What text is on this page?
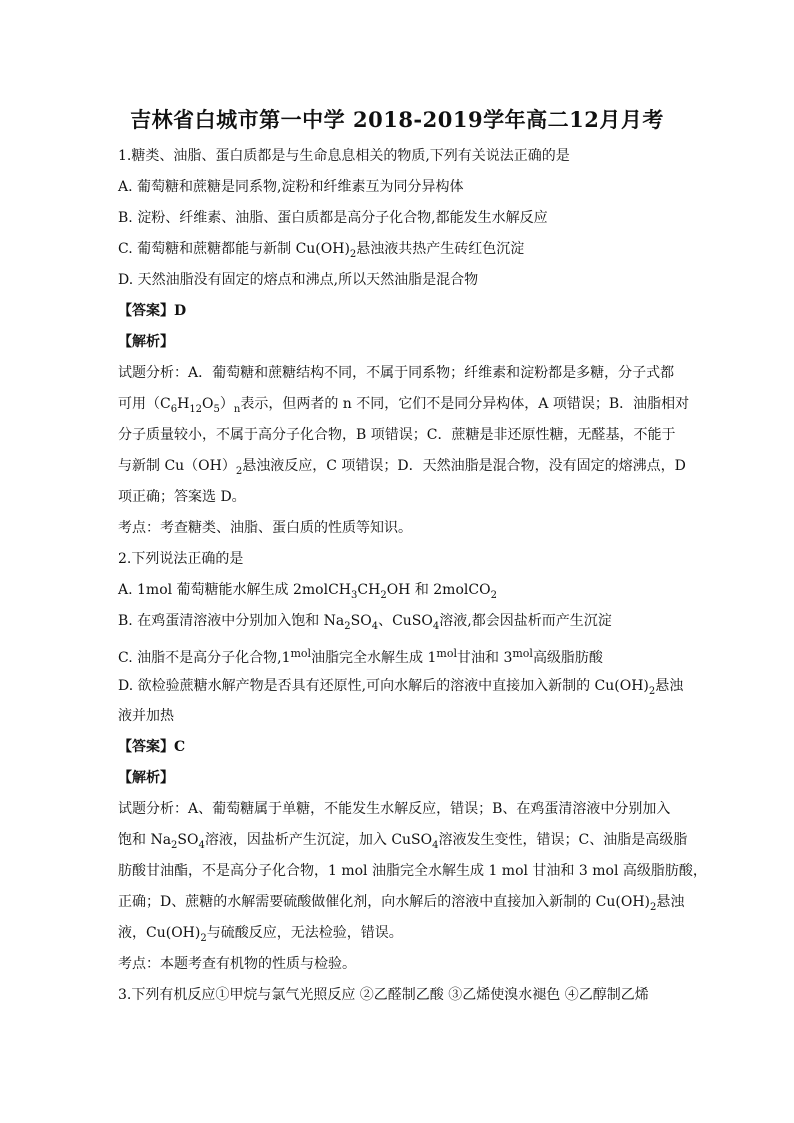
吉林省白城市第一中学 2018-2019学年高二12月月考
1.糖类、油脂、蛋白质都是与生命息息相关的物质,下列有关说法正确的是
A. 葡萄糖和蔗糖是同系物,淀粉和纤维素互为同分异构体
B. 淀粉、纤维素、油脂、蛋白质都是高分子化合物,都能发生水解反应
C. 葡萄糖和蔗糖都能与新制 $Cu(OH)_2$悬浊液共热产生砖红色沉淀
D. 天然油脂没有固定的熔点和沸点,所以天然油脂是混合物
【答案】D
【解析】
试题分析：A．葡萄糖和蔗糖结构不同，不属于同系物；纤维素和淀粉都是多糖，分子式都
可用$(C_6H_{12}O_5)_n$表示，但两者的 n 不同，它们不是同分异构体，A 项错误；B．油脂相对
分子质量较小，不属于高分子化合物，B 项错误；C．蔗糖是非还原性糖，无醛基，不能于
与新制 $Cu(OH)_2$悬浊液反应，C 项错误；D．天然油脂是混合物，没有固定的熔沸点，D
项正确；答案选 D。
考点：考查糖类、油脂、蛋白质的性质等知识。
2.下列说法正确的是
A. 1mol 葡萄糖能水解生成 $2molCH_3CH_2OH$ 和 2molCO$_2$
B. 在鸡蛋清溶液中分别加入饱和 $Na_2SO_4$、CuSO$_4$溶液,都会因盐析而产生沉淀
C. 油脂不是高分子化合物$,1^{mol}$油脂完全水解生成 $1^{mol}$甘油和 $3^{mol}$高级脂肪酸
D. 欲检验蔗糖水解产物是否具有还原性,可向水解后的溶液中直接加入新制的 $Cu(OH)_2$悬浊
液并加热
【答案】C
【解析】
试题分析：A、葡萄糖属于单糖，不能发生水解反应，错误；B、在鸡蛋清溶液中分别加入
饱和 $Na_2SO_4$溶液，因盐析产生沉淀，加入 CuSO$_4$溶液发生变性，错误；C、油脂是高级脂
肪酸甘油酯，不是高分子化合物，1 mol 油脂完全水解生成 1 mol 甘油和 3 mol 高级脂肪酸，
正确；D、蔗糖的水解需要硫酸做催化剂，向水解后的溶液中直接加入新制的 $Cu(OH)_2$悬浊
液，$Cu(OH)_2$与硫酸反应，无法检验，错误。
考点：本题考查有机物的性质与检验。
3.下列有机反应①甲烷与氯气光照反应 ②乙醛制乙酸 ③乙烯使溴水褪色 ④乙醇制乙烯
